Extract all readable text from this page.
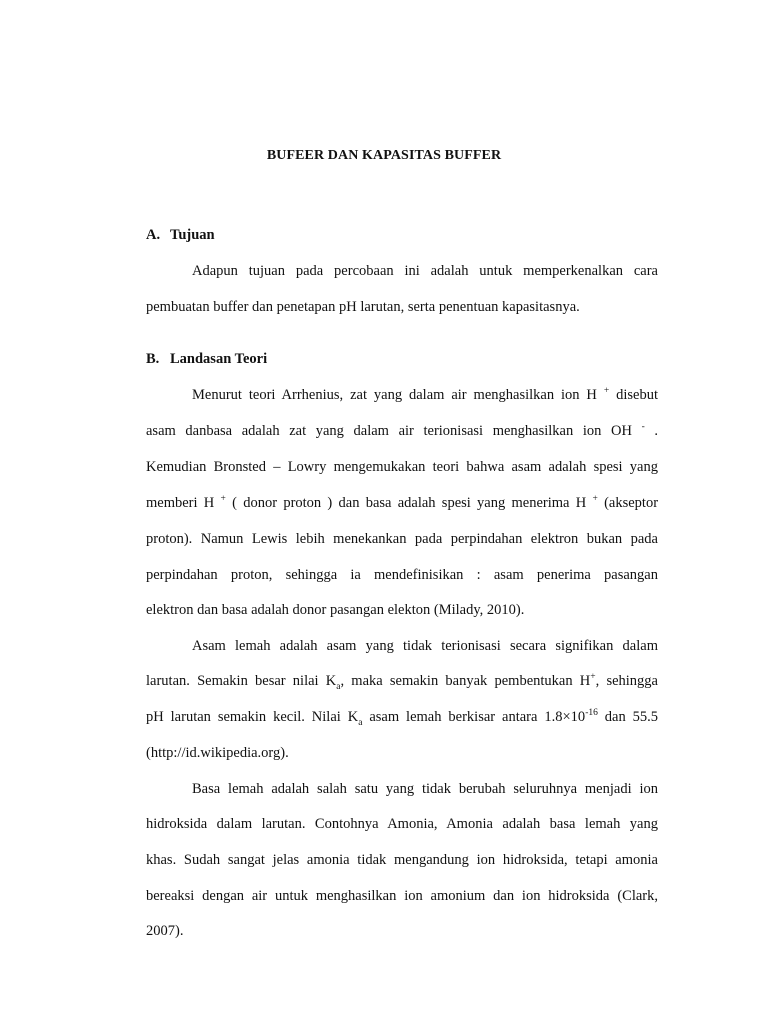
BUFEER DAN KAPASITAS BUFFER
A. Tujuan
Adapun tujuan pada percobaan ini adalah untuk memperkenalkan cara
pembuatan buffer dan penetapan pH larutan, serta penentuan kapasitasnya.
B. Landasan Teori
Menurut teori Arrhenius, zat yang dalam air menghasilkan ion H + disebut
asam danbasa adalah zat yang dalam air terionisasi menghasilkan ion OH - .
Kemudian Bronsted – Lowry mengemukakan teori bahwa asam adalah spesi yang
memberi H + ( donor proton ) dan basa adalah spesi yang menerima H + (akseptor
proton). Namun Lewis lebih menekankan pada perpindahan elektron bukan pada
perpindahan proton, sehingga ia mendefinisikan : asam penerima pasangan
elektron dan basa adalah donor pasangan elekton (Milady, 2010).
Asam lemah adalah asam yang tidak terionisasi secara signifikan dalam
larutan. Semakin besar nilai $K_a$, maka semakin banyak pembentukan H+, sehingga
pH larutan semakin kecil. Nilai $K_a$ asam lemah berkisar antara $1.8\times 10^{-16}$ dan 55.5
(http://id.wikipedia.org).
Basa lemah adalah salah satu yang tidak berubah seluruhnya menjadi ion
hidroksida dalam larutan. Contohnya Amonia, Amonia adalah basa lemah yang
khas. Sudah sangat jelas amonia tidak mengandung ion hidroksida, tetapi amonia
bereaksi dengan air untuk menghasilkan ion amonium dan ion hidroksida (Clark,
2007).
